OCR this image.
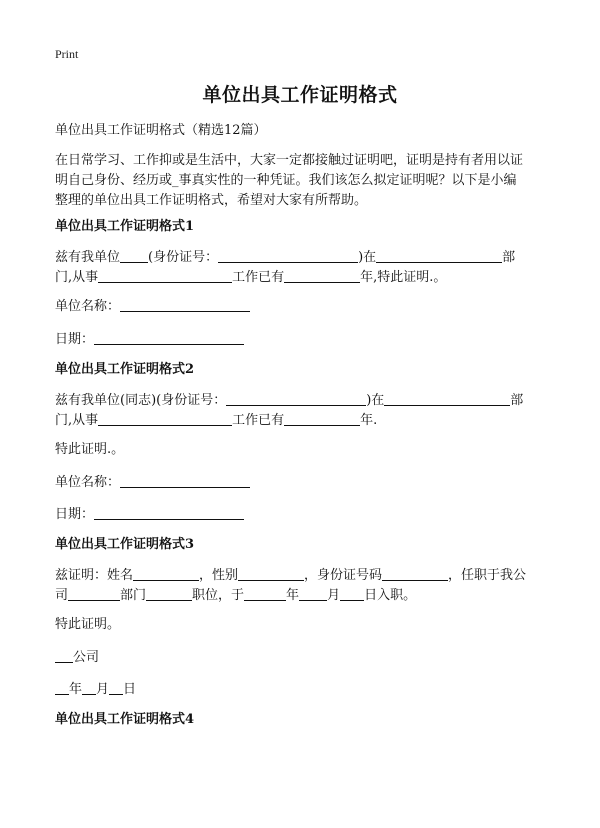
Print
单位出具工作证明格式
单位出具工作证明格式（精选12篇）
在日常学习、工作抑或是生活中，大家一定都接触过证明吧，证明是持有者用以证
明自己身份、经历或_事真实性的一种凭证。我们该怎么拟定证明呢？以下是小编
整理的单位出具工作证明格式，希望对大家有所帮助。
单位出具工作证明格式1
兹有我单位 (身份证号：	)在	部
门,从事	工作已有	年,特此证明.。
单位名称：
日期：
单位出具工作证明格式2
兹有我单位(同志)(身份证号：	)在	部
门,从事	工作已有	年.
特此证明.。
单位名称：
日期：
单位出具工作证明格式3
兹证明：姓名	，性别	，身份证号码	，任职于我公
司	部门	职位，于	年 月 日入职。
特此证明。
公司
年 月 日
单位出具工作证明格式4
